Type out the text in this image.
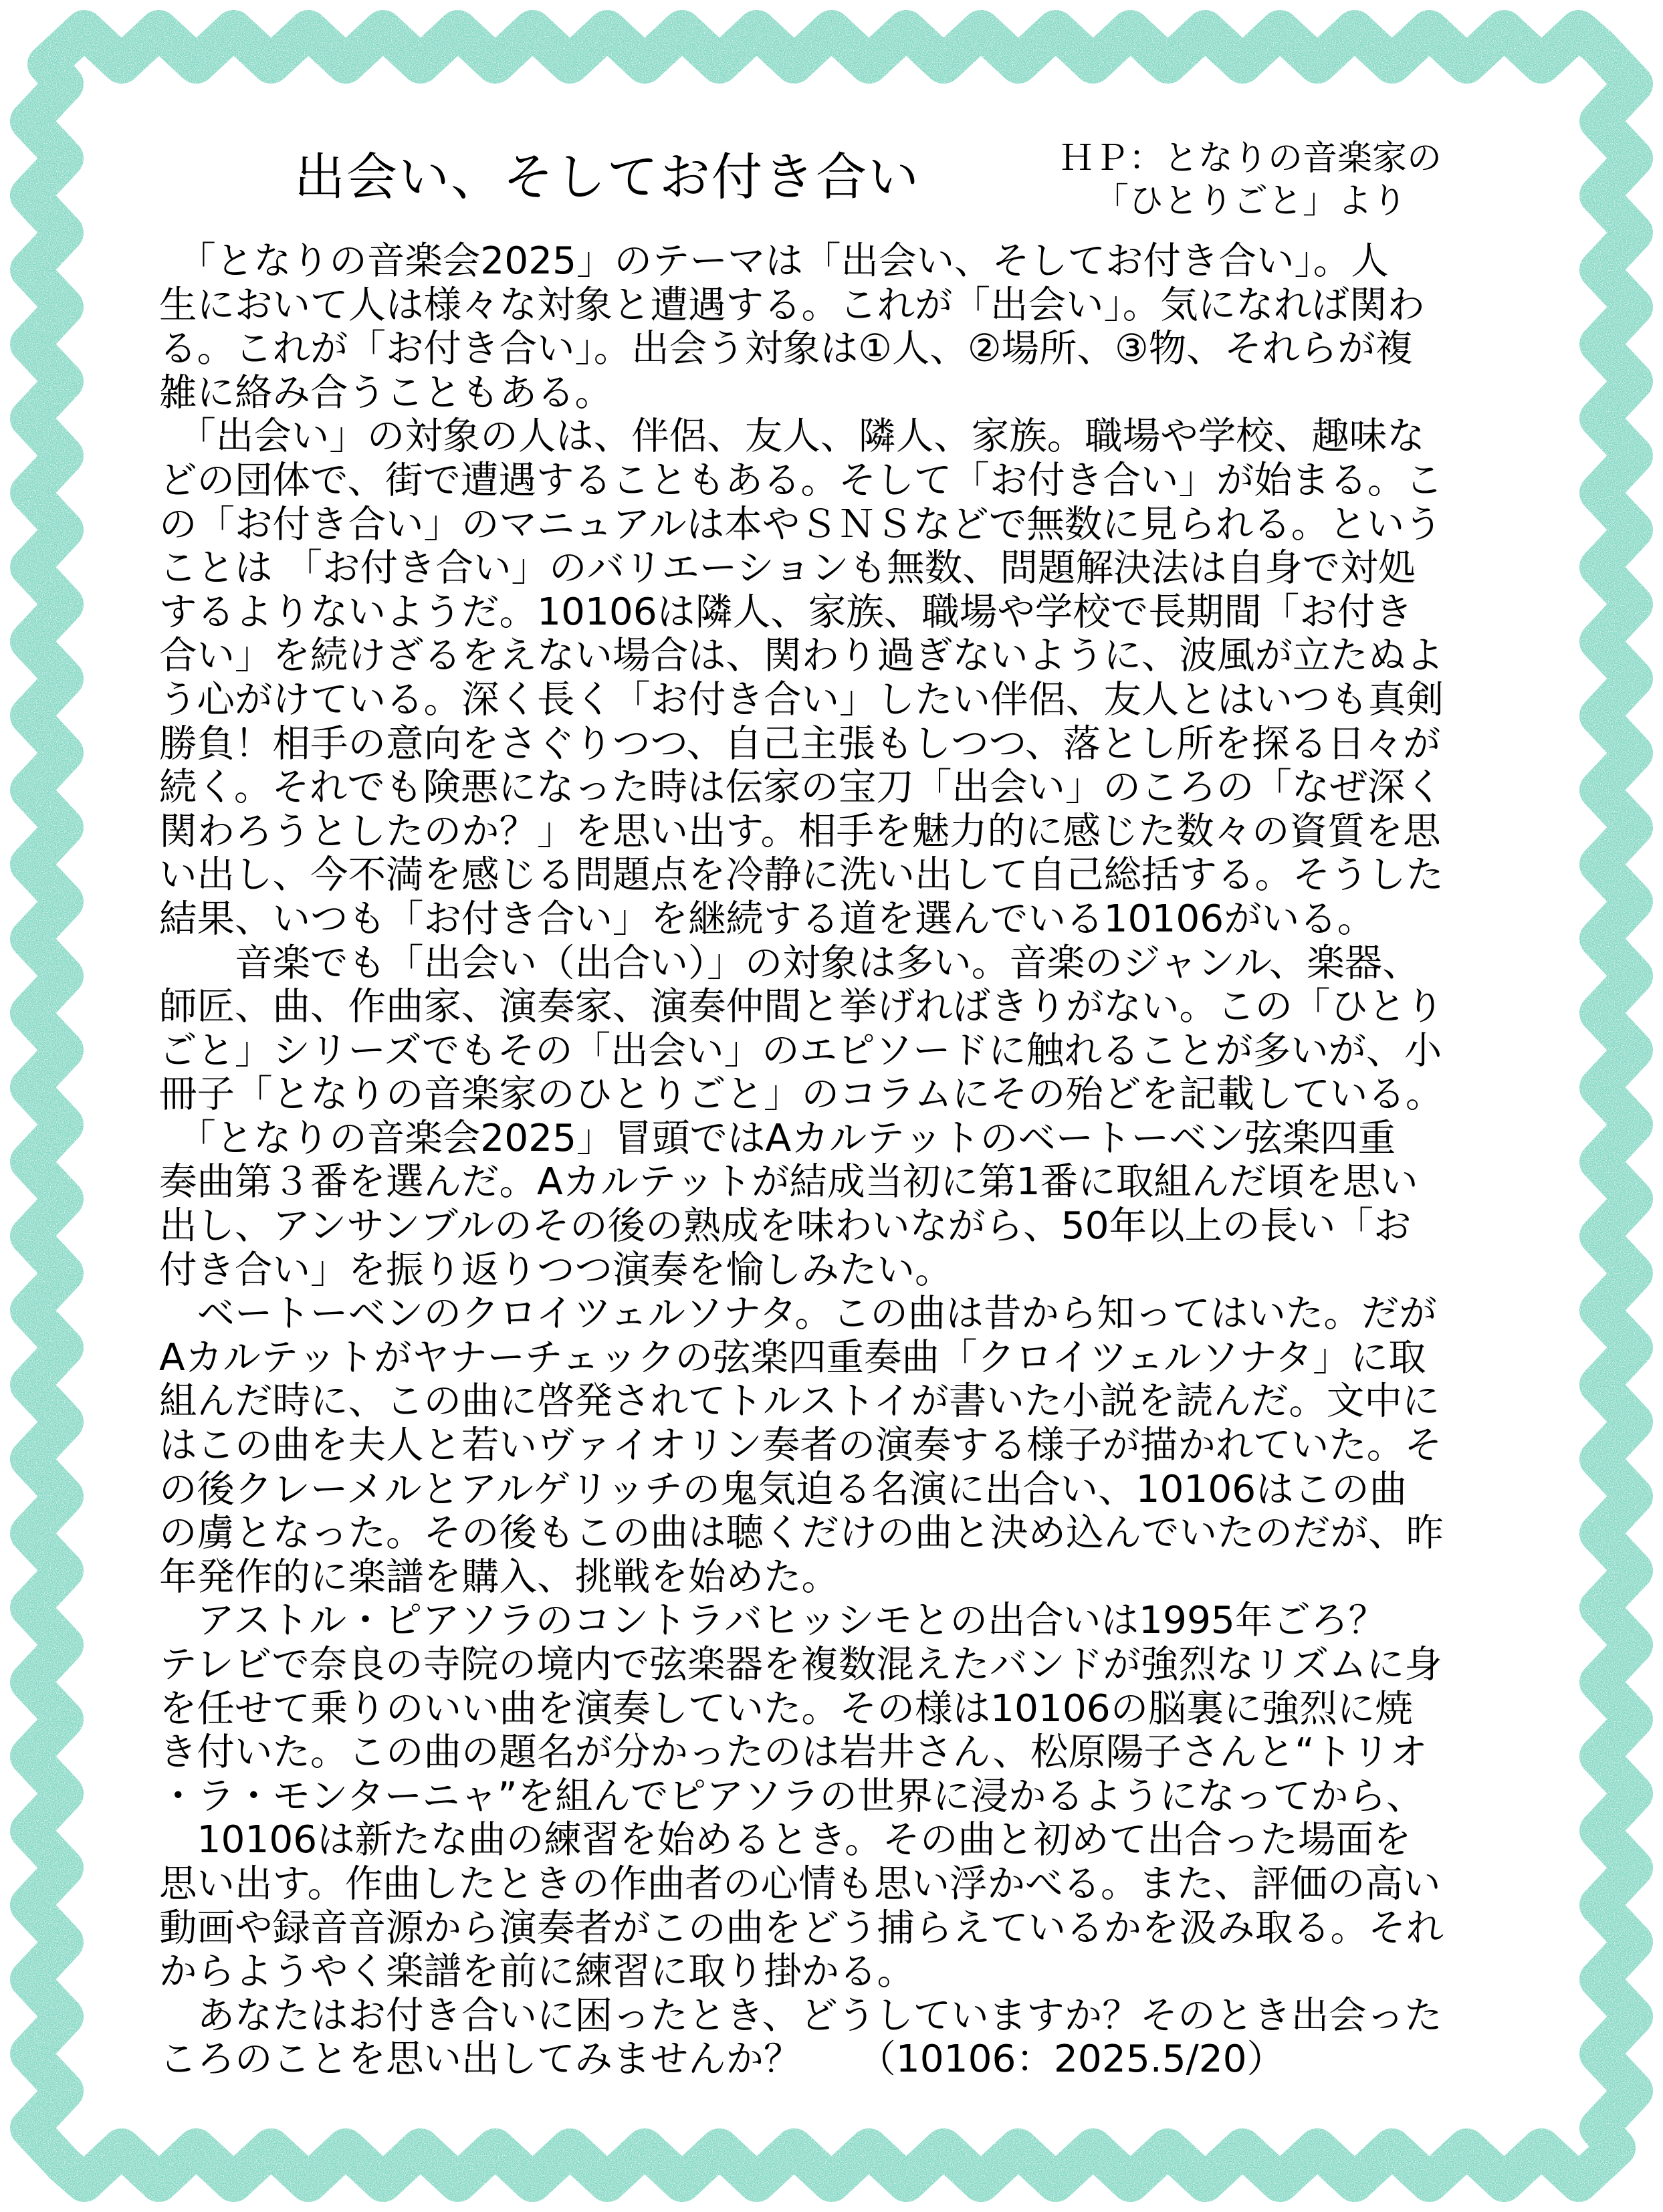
出会い、そしてお付き合い	ＨＰ：となりの音楽家の
「ひとりごと」より
　「となりの音楽会2025」のテーマは「出会い、そしてお付き合い」。人
生において人は様々な対象と遭遇する。これが「出会い」。気になれば関わ
る。これが「お付き合い」。出会う対象は①人、②場所、③物、それらが複
雑に絡み合うこともある。
　「出会い」の対象の人は、伴侶、友人、隣人、家族。職場や学校、趣味な
どの団体で、街で遭遇することもある。そして「お付き合い」が始まる。こ
の「お付き合い」のマニュアルは本やＳＮＳなどで無数に見られる。という
ことは 「お付き合い」のバリエーションも無数、問題解決法は自身で対処
するよりないようだ。10106は隣人、家族、職場や学校で長期間「お付き
合い」を続けざるをえない場合は、関わり過ぎないように、波風が立たぬよ
う心がけている。深く長く「お付き合い」したい伴侶、友人とはいつも真剣
勝負！相手の意向をさぐりつつ、自己主張もしつつ、落とし所を探る日々が
続く。それでも険悪になった時は伝家の宝刀「出会い」のころの「なぜ深く
関わろうとしたのか？」を思い出す。相手を魅力的に感じた数々の資質を思
い出し、今不満を感じる問題点を冷静に洗い出して自己総括する。そうした
結果、いつも「お付き合い」を継続する道を選んでいる10106がいる。
　　音楽でも「出会い（出合い）」の対象は多い。音楽のジャンル、楽器、
師匠、曲、作曲家、演奏家、演奏仲間と挙げればきりがない。この「ひとり
ごと」シリーズでもその「出会い」のエピソードに触れることが多いが、小
冊子「となりの音楽家のひとりごと」のコラムにその殆どを記載している。
　「となりの音楽会2025」冒頭ではAカルテットのベートーベン弦楽四重
奏曲第３番を選んだ。Aカルテットが結成当初に第1番に取組んだ頃を思い
出し、アンサンブルのその後の熟成を味わいながら、50年以上の長い「お
付き合い」を振り返りつつ演奏を愉しみたい。
　ベートーベンのクロイツェルソナタ。この曲は昔から知ってはいた。だが
Aカルテットがヤナーチェックの弦楽四重奏曲「クロイツェルソナタ」に取
組んだ時に、この曲に啓発されてトルストイが書いた小説を読んだ。文中に
はこの曲を夫人と若いヴァイオリン奏者の演奏する様子が描かれていた。そ
の後クレーメルとアルゲリッチの鬼気迫る名演に出合い、10106はこの曲
の虜となった。その後もこの曲は聴くだけの曲と決め込んでいたのだが、昨
年発作的に楽譜を購入、挑戦を始めた。
　アストル・ピアソラのコントラバヒッシモとの出合いは1995年ごろ？
テレビで奈良の寺院の境内で弦楽器を複数混えたバンドが強烈なリズムに身
を任せて乗りのいい曲を演奏していた。その様は10106の脳裏に強烈に焼
き付いた。この曲の題名が分かったのは岩井さん、松原陽子さんと“トリオ
・ラ・モンターニャ”を組んでピアソラの世界に浸かるようになってから、
　10106は新たな曲の練習を始めるとき。その曲と初めて出合った場面を
思い出す。作曲したときの作曲者の心情も思い浮かべる。また、評価の高い
動画や録音音源から演奏者がこの曲をどう捕らえているかを汲み取る。それ
からようやく楽譜を前に練習に取り掛かる。
　あなたはお付き合いに困ったとき、どうしていますか？そのとき出会った
ころのことを思い出してみませんか？　　（10106：2025.5/20）
